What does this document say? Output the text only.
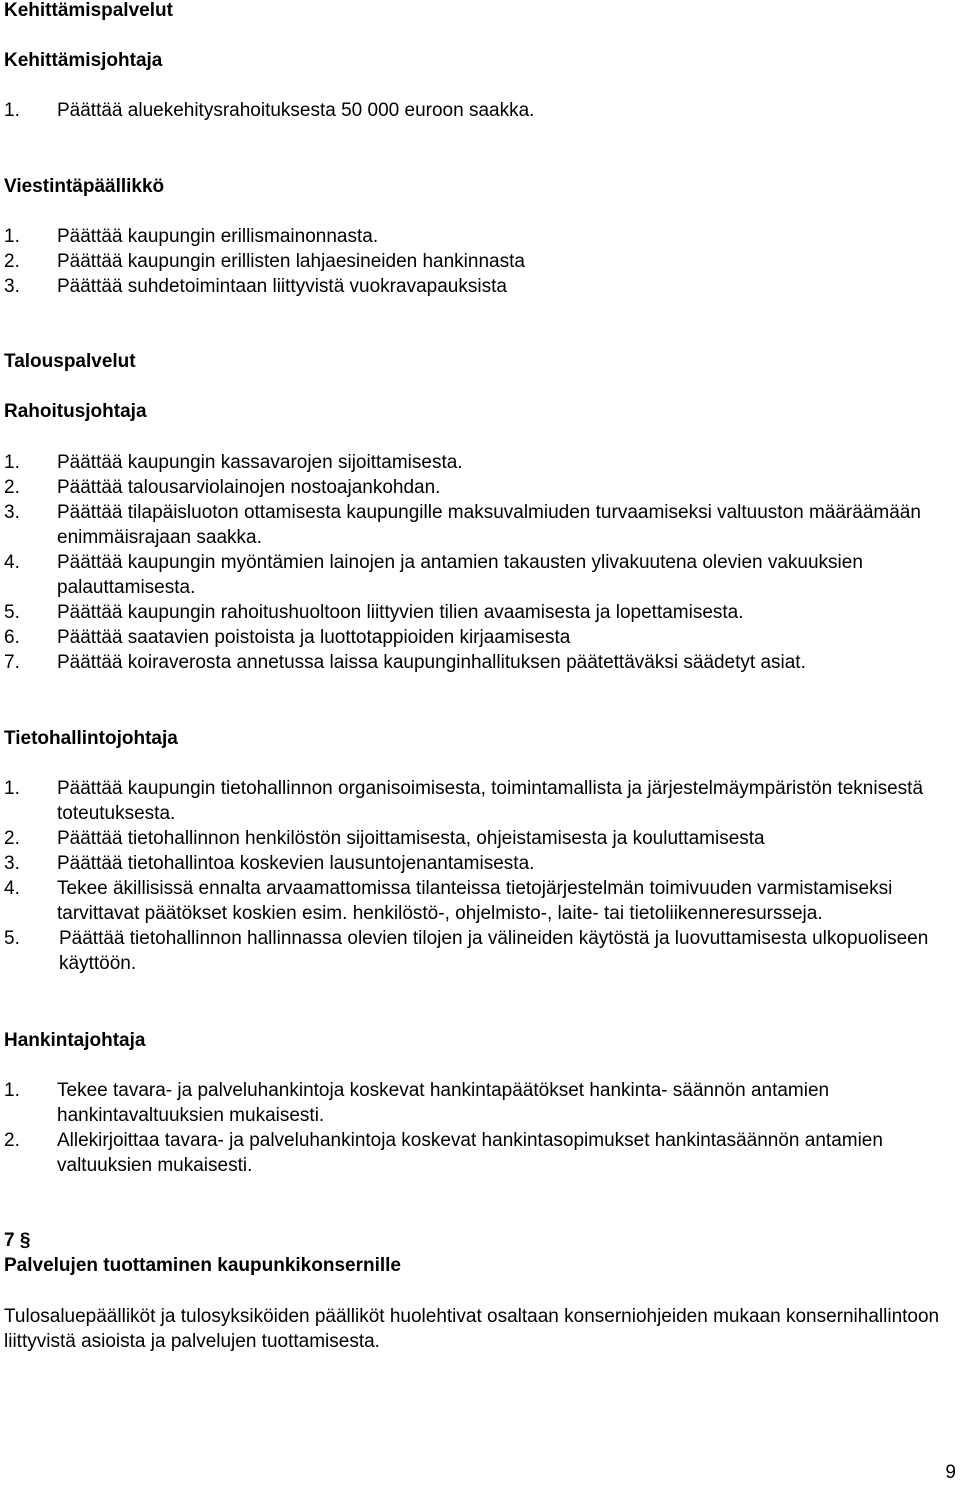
Kehittämispalvelut
Kehittämisjohtaja
1.	Päättää aluekehitysrahoituksesta 50 000 euroon saakka.
Viestintäpäällikkö
1.	Päättää kaupungin erillismainonnasta.
2.	Päättää kaupungin erillisten lahjaesineiden hankinnasta
3.	Päättää suhdetoimintaan liittyvistä vuokravapauksista
Talouspalvelut
Rahoitusjohtaja
1.	Päättää kaupungin kassavarojen sijoittamisesta.
2.	Päättää talousarviolainojen nostoajankohdan.
3.	Päättää tilapäisluoton ottamisesta kaupungille maksuvalmiuden turvaamiseksi valtuuston määräämään enimmäisrajaan saakka.
4.	Päättää kaupungin myöntämien lainojen ja antamien takausten ylivakuutena olevien vakuuksien palauttamisesta.
5.	Päättää kaupungin rahoitushuoltoon liittyvien tilien avaamisesta ja lopettamisesta.
6.	Päättää saatavien poistoista ja luottotappioiden kirjaamisesta
7.	Päättää koiraverosta annetussa laissa kaupunginhallituksen päätettäväksi säädetyt asiat.
Tietohallintojohtaja
1.	Päättää kaupungin tietohallinnon organisoimisesta, toimintamallista ja järjestelmäympäristön teknisestä toteutuksesta.
2.	Päättää tietohallinnon henkilöstön sijoittamisesta, ohjeistamisesta ja kouluttamisesta
3.	Päättää tietohallintoa koskevien lausuntojenantamisesta.
4.	Tekee äkillisissä ennalta arvaamattomissa tilanteissa tietojärjestelmän toimivuuden varmistamiseksi tarvittavat päätökset koskien esim. henkilöstö-, ohjelmisto-, laite- tai tietoliikenneresursseja.
5.	Päättää tietohallinnon hallinnassa olevien tilojen ja välineiden käytöstä ja luovuttamisesta ulkopuoliseen käyttöön.
Hankintajohtaja
1.	Tekee tavara- ja palveluhankintoja koskevat hankintapäätökset hankinta- säännön antamien hankintavaltuuksien mukaisesti.
2.	Allekirjoittaa tavara- ja palveluhankintoja koskevat hankintasopimukset hankintasäännön antamien valtuuksien mukaisesti.
7 §
Palvelujen tuottaminen kaupunkikonsernille
Tulosaluepäälliköt ja tulosyksiköiden päälliköt huolehtivat osaltaan konserniohjeiden mukaan konsernihallintoon liittyvistä asioista ja palvelujen tuottamisesta.
9
